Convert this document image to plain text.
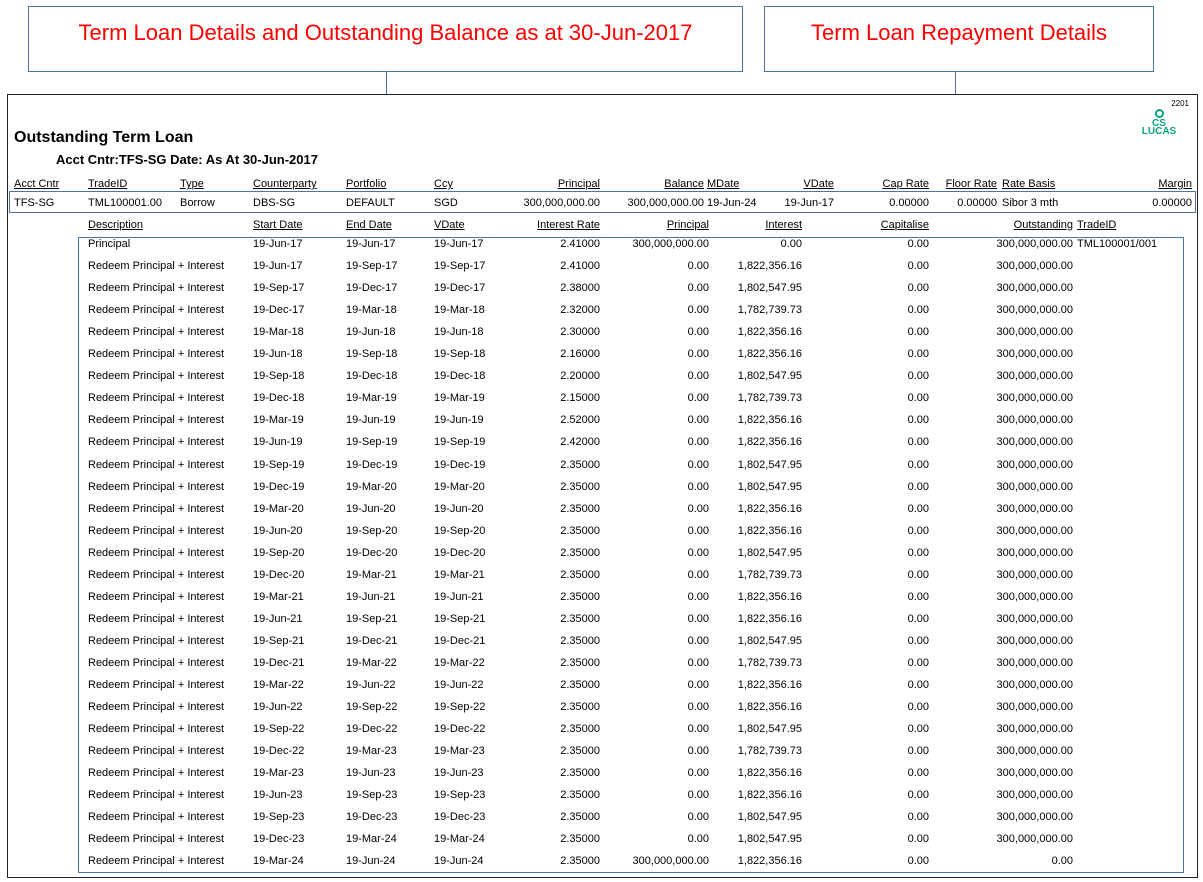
Term Loan Details and Outstanding Balance as at 30-Jun-2017	Term Loan Repayment Details
2201
CS LUCAS
Outstanding Term Loan
Acct Cntr:TFS-SG Date: As At 30-Jun-2017
Acct Cntr	TradeID	Type	Counterparty	Portfolio	Ccy	Principal	Balance MDate	VDate	Cap Rate	Floor Rate Rate Basis	Margin
TFS-SG	TML100001.00 Borrow	DBS-SG	DEFAULT	SGD	300,000,000.00	300,000,000.00 19-Jun-24	19-Jun-17	0.00000	0.00000 Sibor 3 mth	0.00000
Description	Start Date	End Date	VDate	Interest Rate	Principal	Interest	Capitalise	Outstanding TradeID
Principal	19-Jun-17	19-Jun-17	19-Jun-17	2.41000	300,000,000.00	0.00	0.00	300,000,000.00 TML100001/001
Redeem Principal + Interest	19-Jun-17	19-Sep-17	19-Sep-17	2.41000	0.00	1,822,356.16	0.00	300,000,000.00
Redeem Principal + Interest	19-Sep-17	19-Dec-17	19-Dec-17	2.38000	0.00	1,802,547.95	0.00	300,000,000.00
Redeem Principal + Interest	19-Dec-17	19-Mar-18	19-Mar-18	2.32000	0.00	1,782,739.73	0.00	300,000,000.00
Redeem Principal + Interest	19-Mar-18	19-Jun-18	19-Jun-18	2.30000	0.00	1,822,356.16	0.00	300,000,000.00
Redeem Principal + Interest	19-Jun-18	19-Sep-18	19-Sep-18	2.16000	0.00	1,822,356.16	0.00	300,000,000.00
Redeem Principal + Interest	19-Sep-18	19-Dec-18	19-Dec-18	2.20000	0.00	1,802,547.95	0.00	300,000,000.00
Redeem Principal + Interest	19-Dec-18	19-Mar-19	19-Mar-19	2.15000	0.00	1,782,739.73	0.00	300,000,000.00
Redeem Principal + Interest	19-Mar-19	19-Jun-19	19-Jun-19	2.52000	0.00	1,822,356.16	0.00	300,000,000.00
Redeem Principal + Interest	19-Jun-19	19-Sep-19	19-Sep-19	2.42000	0.00	1,822,356.16	0.00	300,000,000.00
Redeem Principal + Interest	19-Sep-19	19-Dec-19	19-Dec-19	2.35000	0.00	1,802,547.95	0.00	300,000,000.00
Redeem Principal + Interest	19-Dec-19	19-Mar-20	19-Mar-20	2.35000	0.00	1,802,547.95	0.00	300,000,000.00
Redeem Principal + Interest	19-Mar-20	19-Jun-20	19-Jun-20	2.35000	0.00	1,822,356.16	0.00	300,000,000.00
Redeem Principal + Interest	19-Jun-20	19-Sep-20	19-Sep-20	2.35000	0.00	1,822,356.16	0.00	300,000,000.00
Redeem Principal + Interest	19-Sep-20	19-Dec-20	19-Dec-20	2.35000	0.00	1,802,547.95	0.00	300,000,000.00
Redeem Principal + Interest	19-Dec-20	19-Mar-21	19-Mar-21	2.35000	0.00	1,782,739.73	0.00	300,000,000.00
Redeem Principal + Interest	19-Mar-21	19-Jun-21	19-Jun-21	2.35000	0.00	1,822,356.16	0.00	300,000,000.00
Redeem Principal + Interest	19-Jun-21	19-Sep-21	19-Sep-21	2.35000	0.00	1,822,356.16	0.00	300,000,000.00
Redeem Principal + Interest	19-Sep-21	19-Dec-21	19-Dec-21	2.35000	0.00	1,802,547.95	0.00	300,000,000.00
Redeem Principal + Interest	19-Dec-21	19-Mar-22	19-Mar-22	2.35000	0.00	1,782,739.73	0.00	300,000,000.00
Redeem Principal + Interest	19-Mar-22	19-Jun-22	19-Jun-22	2.35000	0.00	1,822,356.16	0.00	300,000,000.00
Redeem Principal + Interest	19-Jun-22	19-Sep-22	19-Sep-22	2.35000	0.00	1,822,356.16	0.00	300,000,000.00
Redeem Principal + Interest	19-Sep-22	19-Dec-22	19-Dec-22	2.35000	0.00	1,802,547.95	0.00	300,000,000.00
Redeem Principal + Interest	19-Dec-22	19-Mar-23	19-Mar-23	2.35000	0.00	1,782,739.73	0.00	300,000,000.00
Redeem Principal + Interest	19-Mar-23	19-Jun-23	19-Jun-23	2.35000	0.00	1,822,356.16	0.00	300,000,000.00
Redeem Principal + Interest	19-Jun-23	19-Sep-23	19-Sep-23	2.35000	0.00	1,822,356.16	0.00	300,000,000.00
Redeem Principal + Interest	19-Sep-23	19-Dec-23	19-Dec-23	2.35000	0.00	1,802,547.95	0.00	300,000,000.00
Redeem Principal + Interest	19-Dec-23	19-Mar-24	19-Mar-24	2.35000	0.00	1,802,547.95	0.00	300,000,000.00
Redeem Principal + Interest	19-Mar-24	19-Jun-24	19-Jun-24	2.35000	300,000,000.00	1,822,356.16	0.00	0.00
